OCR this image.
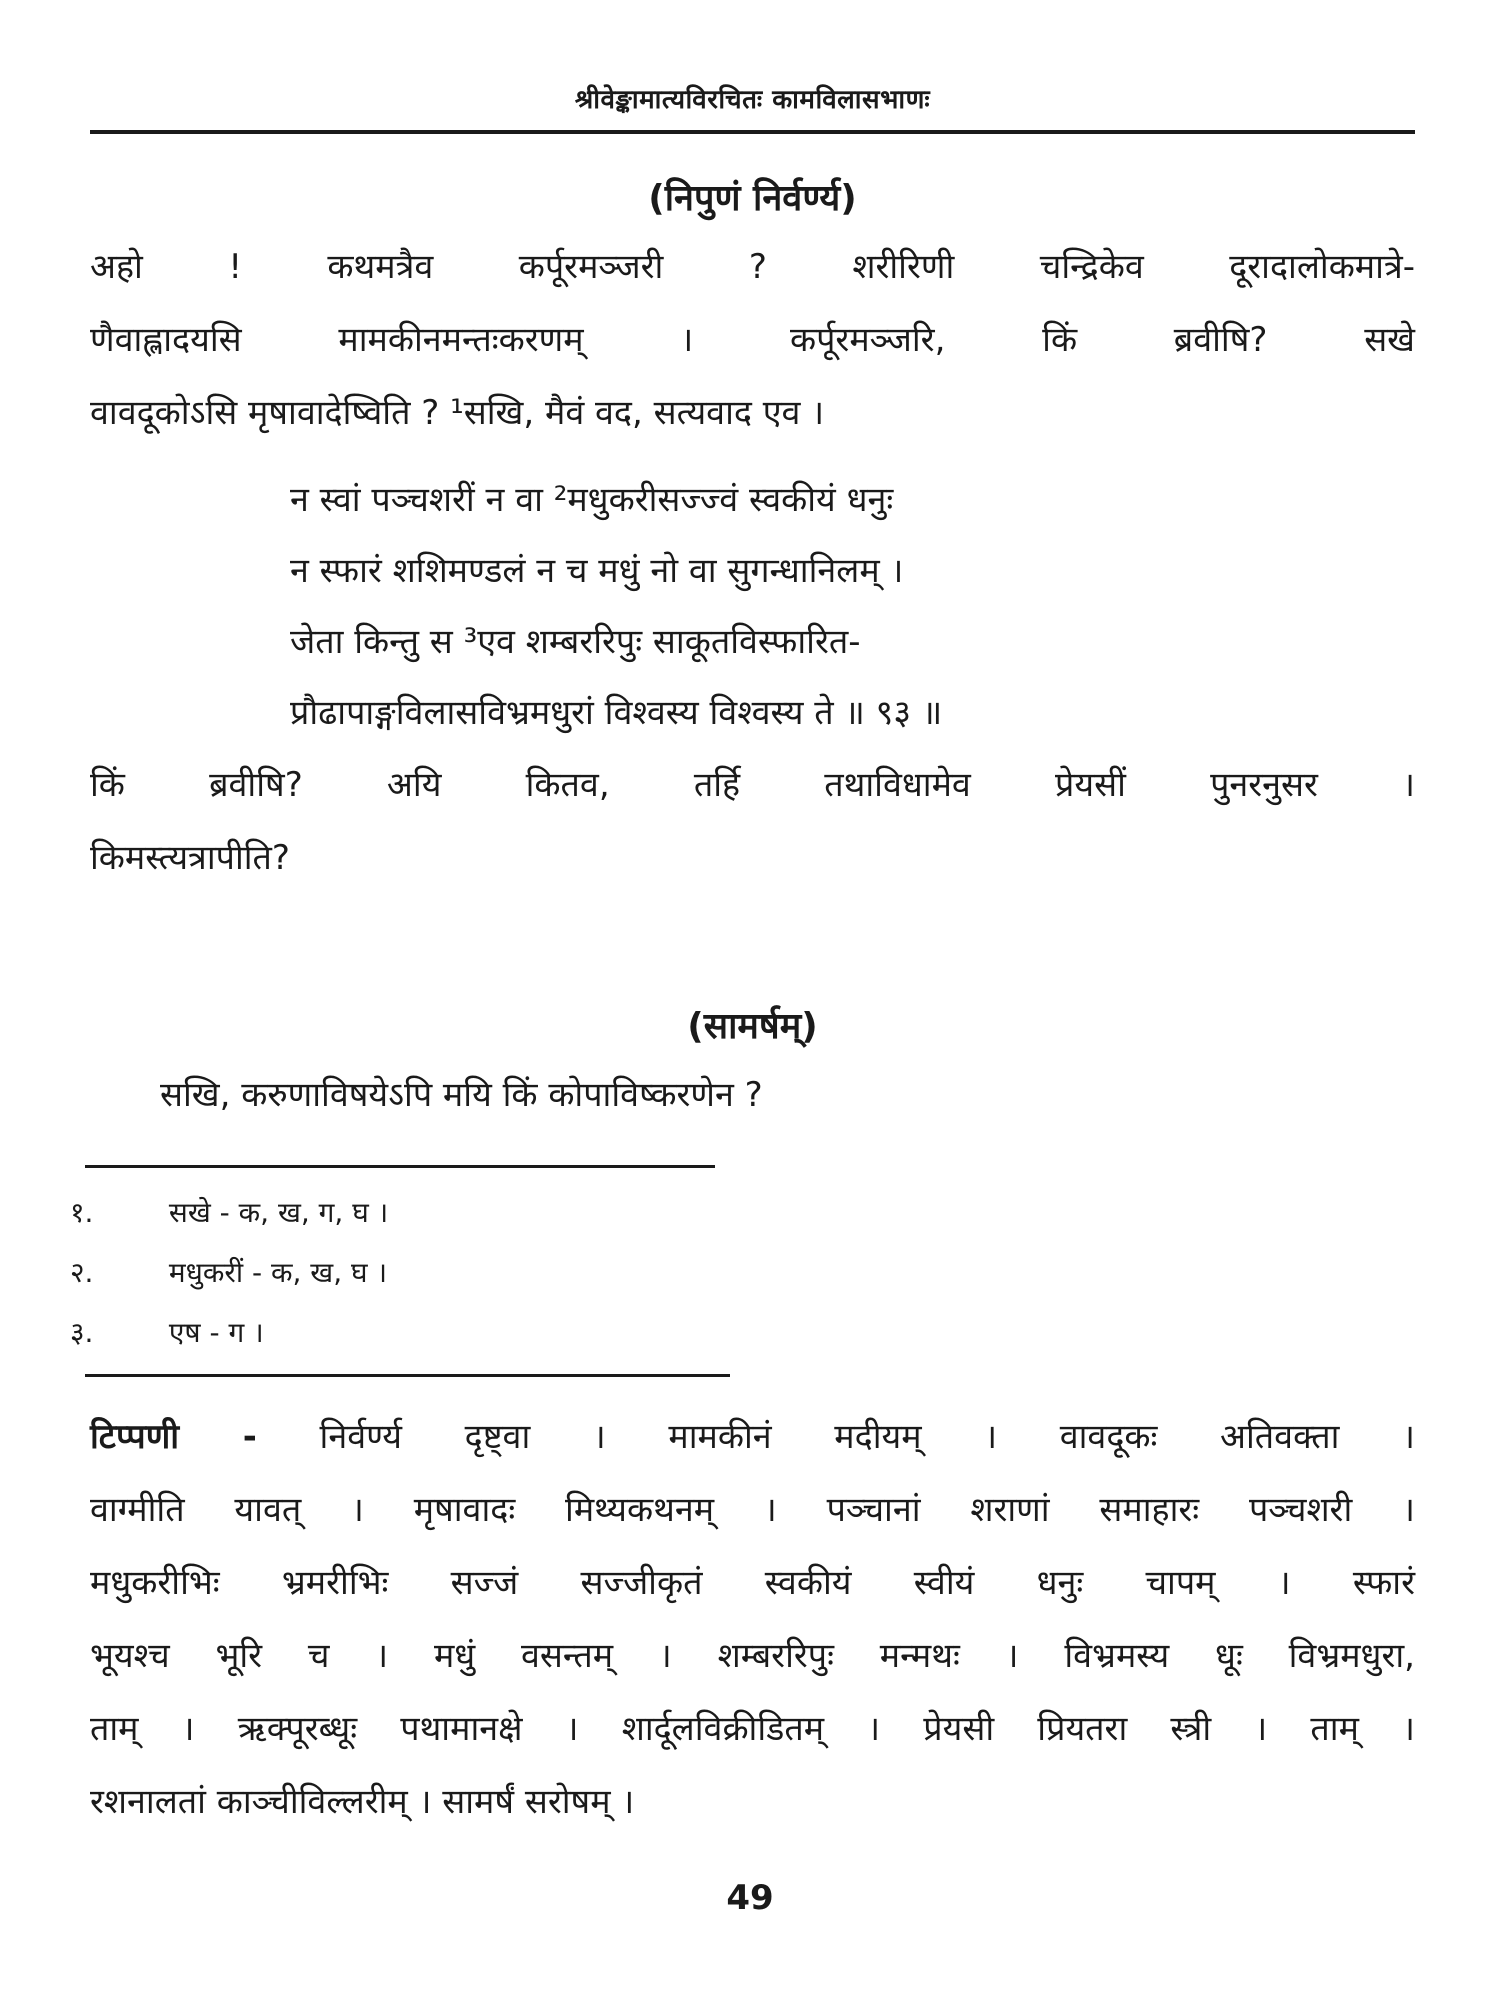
श्रीवेङ्कामात्यविरचितः कामविलासभाणः
(निपुणं निर्वर्ण्य)
अहो ! कथमत्रैव कर्पूरमञ्जरी ? शरीरिणी चन्द्रिकेव दूरादालोकमात्रे-
णैवाह्लादयसि मामकीनमन्तःकरणम् । कर्पूरमञ्जरि, किं ब्रवीषि? सखे
वावदूकोऽसि मृषावादेष्विति ? ¹सखि, मैवं वद, सत्यवाद एव ।
न स्वां पञ्चशरीं न वा ²मधुकरीसज्ज्वं स्वकीयं धनुः
न स्फारं शशिमण्डलं न च मधुं नो वा सुगन्धानिलम् ।
जेता किन्तु स ³एव शम्बररिपुः साकूतविस्फारित-
प्रौढापाङ्गविलासविभ्रमधुरां विश्वस्य विश्वस्य ते ॥ ९३ ॥
किं ब्रवीषि? अयि कितव, तर्हि तथाविधामेव प्रेयसीं पुनरनुसर ।
किमस्त्यत्रापीति?
(सामर्षम्)
सखि, करुणाविषयेऽपि मयि किं कोपाविष्करणेन ?
१.	सखे - क, ख, ग, घ ।
२.	मधुकरीं - क, ख, घ ।
३.	एष - ग ।
टिप्पणी - निर्वर्ण्य दृष्ट्वा । मामकीनं मदीयम् । वावदूकः अतिवक्ता ।
वाग्मीति यावत् । मृषावादः मिथ्यकथनम् । पञ्चानां शराणां समाहारः पञ्चशरी ।
मधुकरीभिः भ्रमरीभिः सज्जं सज्जीकृतं स्वकीयं स्वीयं धनुः चापम् । स्फारं
भूयश्च भूरि च । मधुं वसन्तम् । शम्बररिपुः मन्मथः । विभ्रमस्य धूः विभ्रमधुरा,
ताम् । ऋक्पूरब्धूः पथामानक्षे । शार्दूलविक्रीडितम् । प्रेयसी प्रियतरा स्त्री । ताम् ।
रशनालतां काञ्चीविल्लरीम् । सामर्षं सरोषम् ।
49
